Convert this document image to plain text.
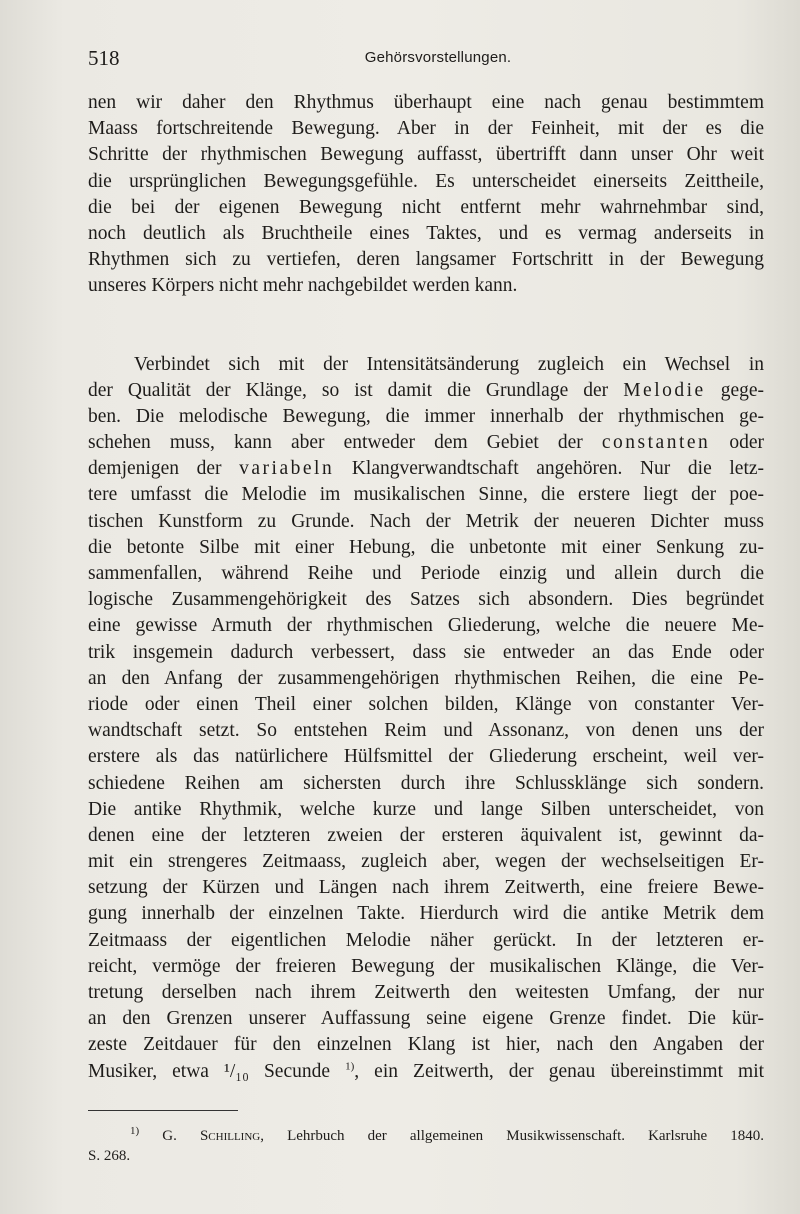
518	Gehörsvorstellungen.

nen wir daher den Rhythmus überhaupt eine nach genau bestimmtem

Maass fortschreitende Bewegung. Aber in der Feinheit, mit der es die

Schritte der rhythmischen Bewegung auffasst, übertrifft dann unser Ohr weit

die ursprünglichen Bewegungsgefühle. Es unterscheidet einerseits Zeittheile,

die bei der eigenen Bewegung nicht entfernt mehr wahrnehmbar sind,

noch deutlich als Bruchtheile eines Taktes, und es vermag anderseits in

Rhythmen sich zu vertiefen, deren langsamer Fortschritt in der Bewegung

unseres Körpers nicht mehr nachgebildet werden kann.

Verbindet sich mit der Intensitätsänderung zugleich ein Wechsel in

der Qualität der Klänge, so ist damit die Grundlage der Melodie gege-

ben. Die melodische Bewegung, die immer innerhalb der rhythmischen ge-

schehen muss, kann aber entweder dem Gebiet der constanten oder

demjenigen der variabeln Klangverwandtschaft angehören. Nur die letz-

tere umfasst die Melodie im musikalischen Sinne, die erstere liegt der poe-

tischen Kunstform zu Grunde. Nach der Metrik der neueren Dichter muss

die betonte Silbe mit einer Hebung, die unbetonte mit einer Senkung zu-

sammenfallen, während Reihe und Periode einzig und allein durch die

logische Zusammengehörigkeit des Satzes sich absondern. Dies begründet

eine gewisse Armuth der rhythmischen Gliederung, welche die neuere Me-

trik insgemein dadurch verbessert, dass sie entweder an das Ende oder

an den Anfang der zusammengehörigen rhythmischen Reihen, die eine Pe-

riode oder einen Theil einer solchen bilden, Klänge von constanter Ver-

wandtschaft setzt. So entstehen Reim und Assonanz, von denen uns der

erstere als das natürlichere Hülfsmittel der Gliederung erscheint, weil ver-

schiedene Reihen am sichersten durch ihre Schlussklänge sich sondern.

Die antike Rhythmik, welche kurze und lange Silben unterscheidet, von

denen eine der letzteren zweien der ersteren äquivalent ist, gewinnt da-

mit ein strengeres Zeitmaass, zugleich aber, wegen der wechselseitigen Er-

setzung der Kürzen und Längen nach ihrem Zeitwerth, eine freiere Bewe-

gung innerhalb der einzelnen Takte. Hierdurch wird die antike Metrik dem

Zeitmaass der eigentlichen Melodie näher gerückt. In der letzteren er-

reicht, vermöge der freieren Bewegung der musikalischen Klänge, die Ver-

tretung derselben nach ihrem Zeitwerth den weitesten Umfang, der nur

an den Grenzen unserer Auffassung seine eigene Grenze findet. Die kür-

zeste Zeitdauer für den einzelnen Klang ist hier, nach den Angaben der

Musiker, etwa ¹/₁₀ Secunde $^{1)}$, ein Zeitwerth, der genau übereinstimmt mit

$^{1)}$ G. Schilling, Lehrbuch der allgemeinen Musikwissenschaft. Karlsruhe 1840.

S. 268.
